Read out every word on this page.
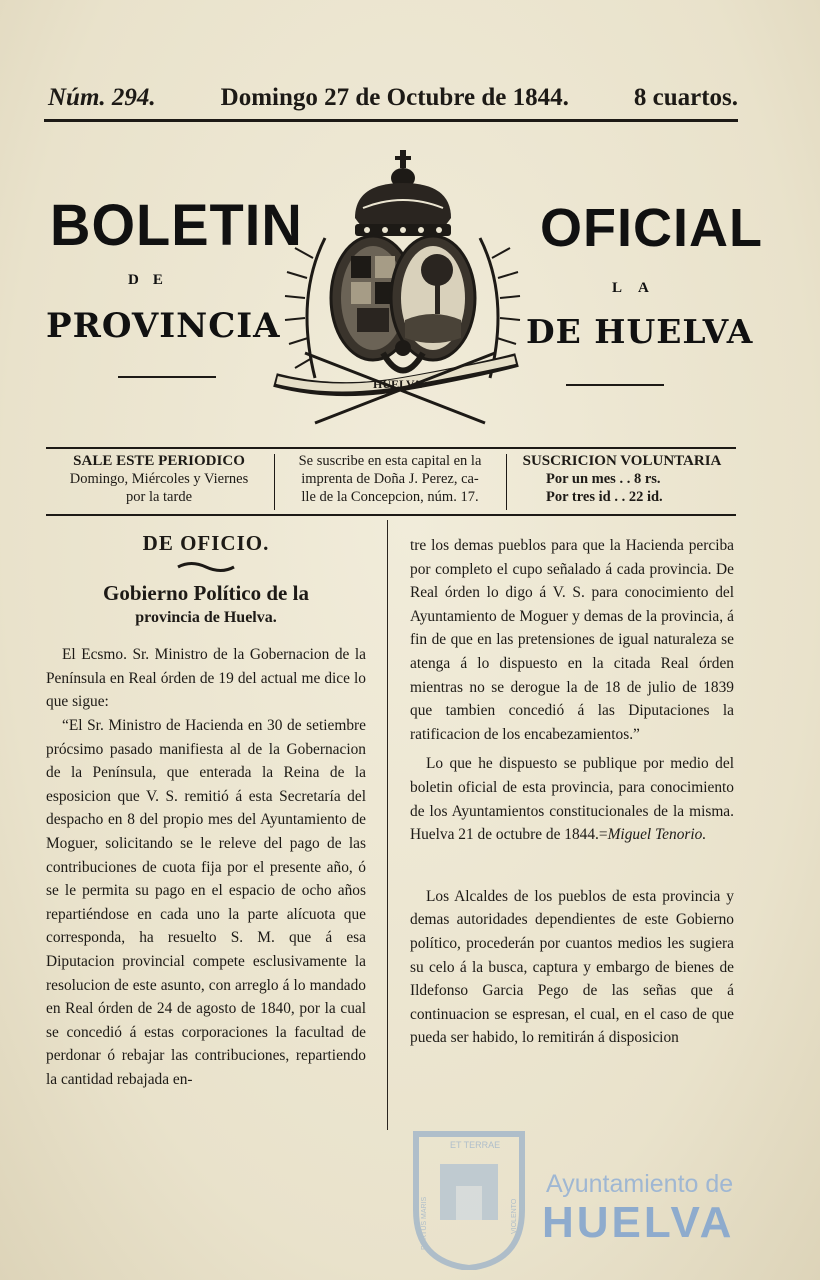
Núm. 294.	Domingo 27 de Octubre de 1844.	8 cuartos.
BOLETIN
DE
PROVINCIA
OFICIAL
LA
DE HUELVA
HUELVA
SALE ESTE PERIODICO
Domingo, Miércoles y Viernes
por la tarde
Se suscribe en esta capital en la
imprenta de Doña J. Perez, ca-
lle de la Concepcion, núm. 17.
SUSCRICION VOLUNTARIA
Por un mes . . 8 rs.
Por tres id . . 22 id.
DE OFICIO.
Gobierno Político de la
provincia de Huelva.

El Ecsmo. Sr. Ministro de la Gobernacion de la Península en Real órden de 19 del actual me dice lo que sigue:

“El Sr. Ministro de Hacienda en 30 de setiembre prócsimo pasado manifiesta al de la Gobernacion de la Península, que enterada la Reina de la esposicion que V. S. remitió á esta Secretaría del despacho en 8 del propio mes del Ayuntamiento de Moguer, solicitando se le releve del pago de las contribuciones de cuota fija por el presente año, ó se le permita su pago en el espacio de ocho años repartiéndose en cada uno la parte alícuota que corresponda, ha resuelto S. M. que á esa Diputacion provincial compete esclusivamente la resolucion de este asunto, con arreglo á lo mandado en Real órden de 24 de agosto de 1840, por la cual se concedió á estas corporaciones la facultad de perdonar ó rebajar las contribuciones, repartiendo la cantidad rebajada en-

tre los demas pueblos para que la Hacienda perciba por completo el cupo señalado á cada provincia. De Real órden lo digo á V. S. para conocimiento del Ayuntamiento de Moguer y demas de la provincia, á fin de que en las pretensiones de igual naturaleza se atenga á lo dispuesto en la citada Real órden mientras no se derogue la de 18 de julio de 1839 que tambien concedió á las Diputaciones la ratificacion de los encabezamientos.”

Lo que he dispuesto se publique por medio del boletin oficial de esta provincia, para conocimiento de los Ayuntamientos constitucionales de la misma. Huelva 21 de octubre de 1844.=Miguel Tenorio.

Los Alcaldes de los pueblos de esta provincia y demas autoridades dependientes de este Gobierno político, procederán por cuantos medios les sugiera su celo á la busca, captura y embargo de bienes de Ildefonso Garcia Pego de las señas que á continuacion se espresan, el cual, en el caso de que pueda ser habido, lo remitirán á disposicion

ET TERRAE
PORTUS MARIS	VIOLENTO
Ayuntamiento de
HUELVA
